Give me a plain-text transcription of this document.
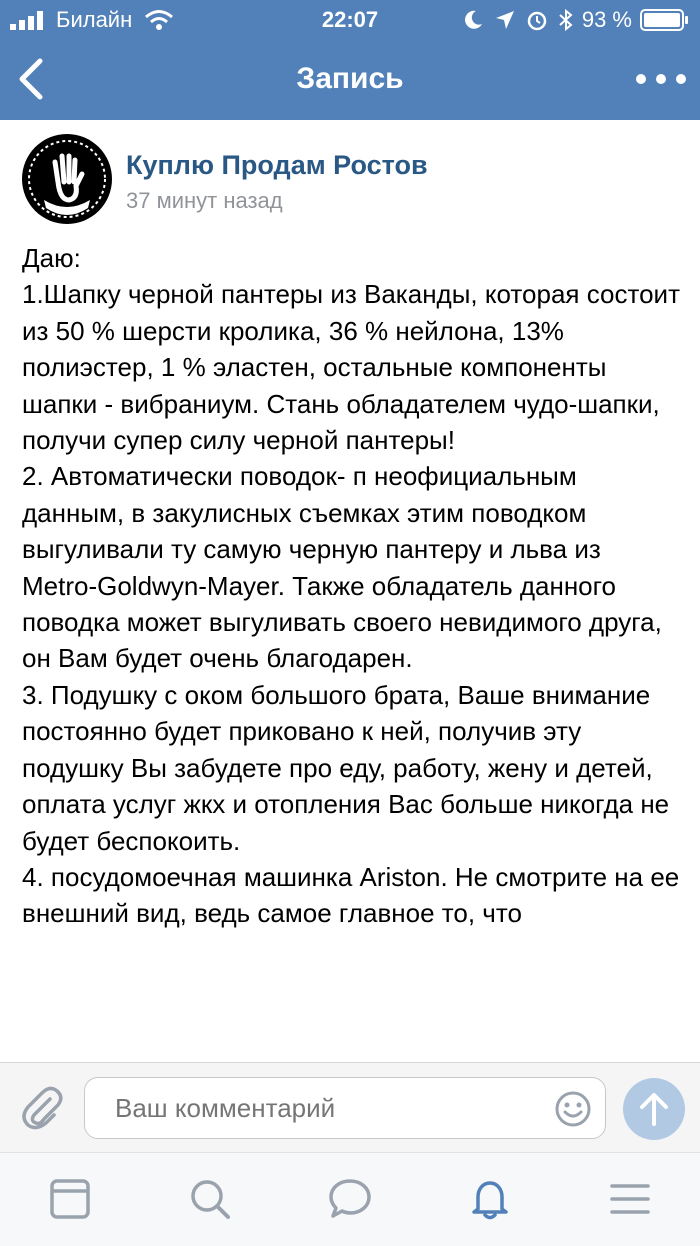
Билайн	22:07	93 %
Запись
Куплю Продам Ростов
37 минут назад
Даю:
1.Шапку черной пантеры из Ваканды, которая состоит из 50 % шерсти кролика, 36 % нейлона, 13% полиэстер, 1 % эластен, остальные компоненты шапки - вибраниум. Стань обладателем чудо-шапки, получи супер силу черной пантеры!
2. Автоматически поводок- п неофициальным данным, в закулисных съемках этим поводком выгуливали ту самую черную пантеру и льва из Metro-Goldwyn-Mayer. Также обладатель данного поводка может выгуливать своего невидимого друга, он Вам будет очень благодарен.
3. Подушку с оком большого брата, Ваше внимание постоянно будет приковано к ней, получив эту подушку Вы забудете про еду, работу, жену и детей, оплата услуг жкх и отопления Вас больше никогда не будет беспокоить.
4. посудомоечная машинка Ariston. Не смотрите на ее внешний вид, ведь самое главное то, что
Ваш комментарий
